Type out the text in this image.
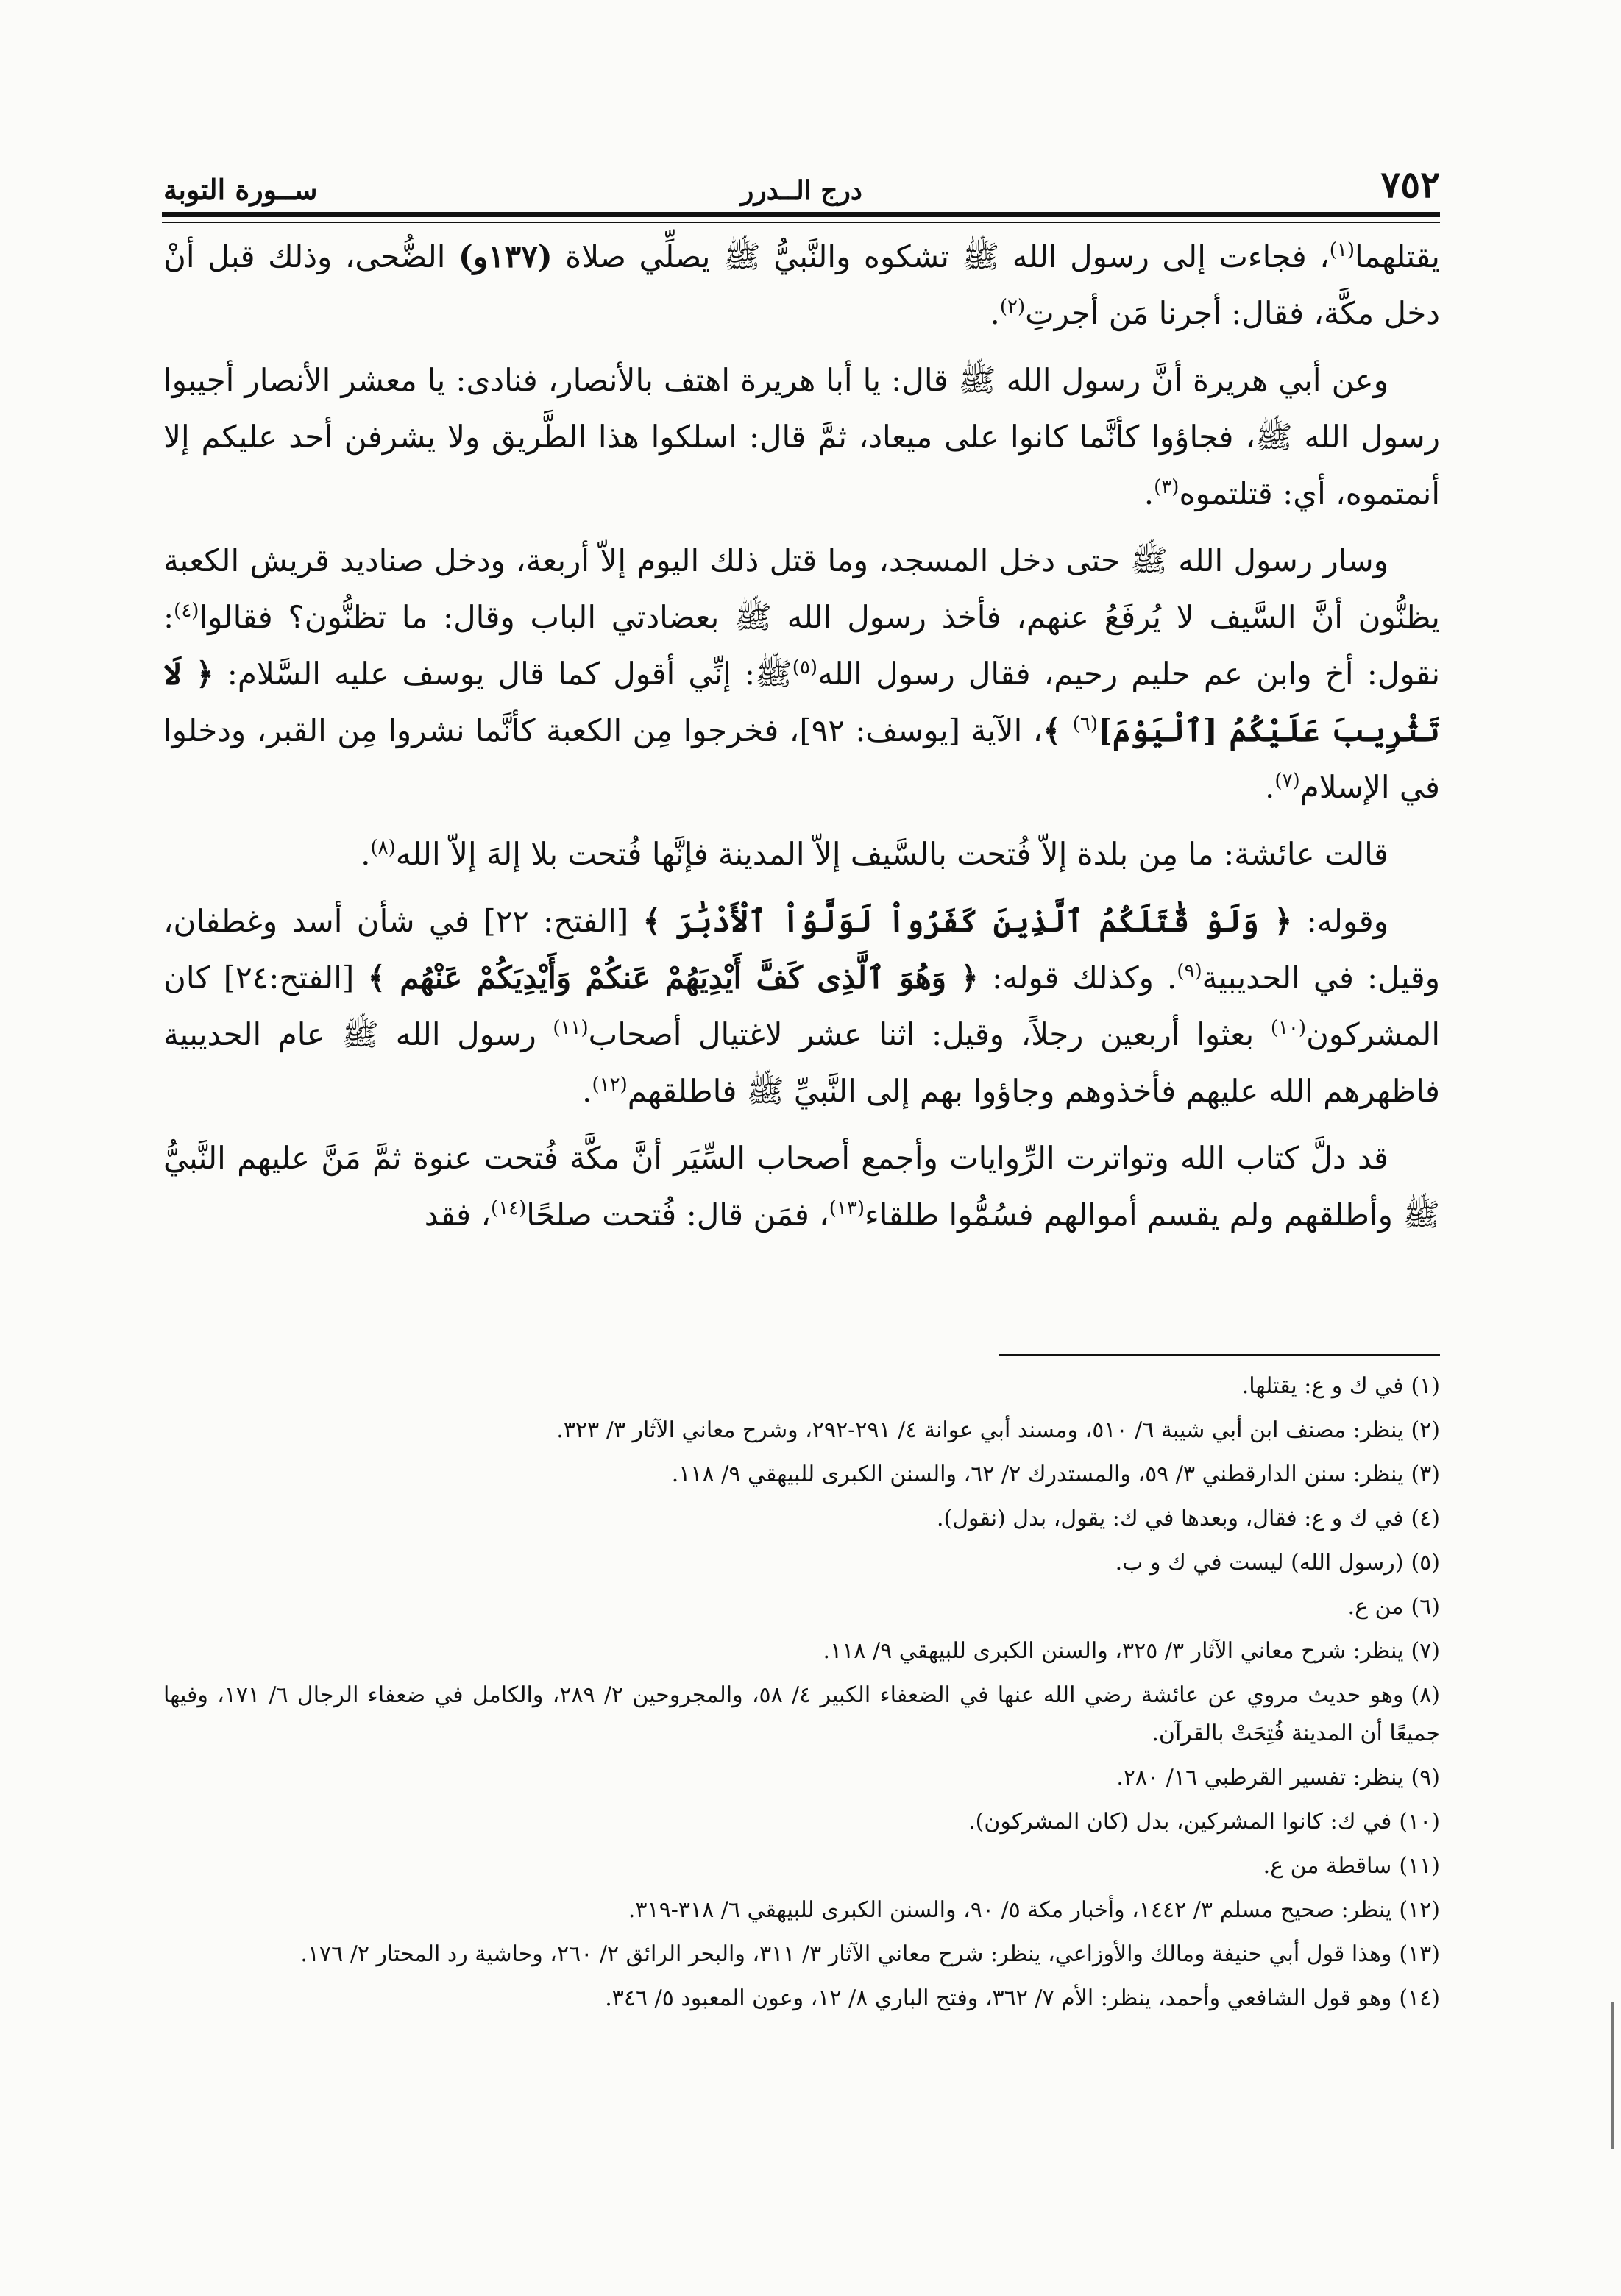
٧٥٢
درج الــدرر
ســورة التوبة

يقتلهما$^{(١)}$، فجاءت إلى رسول الله ﷺ تشكوه والنَّبيُّ ﷺ يصلِّي صلاة (١٣٧و) الضُّحى، وذلك قبل أنْ دخل مكَّة، فقال: أجرنا مَن أجرتِ$^{(٢)}$.

وعن أبي هريرة أنَّ رسول الله ﷺ قال: يا أبا هريرة اهتف بالأنصار، فنادى: يا معشر الأنصار أجيبوا رسول الله ﷺ، فجاؤوا كأنَّما كانوا على ميعاد، ثمَّ قال: اسلكوا هذا الطَّريق ولا يشرفن أحد عليكم إلا أنمتموه، أي: قتلتموه$^{(٣)}$.

وسار رسول الله ﷺ حتى دخل المسجد، وما قتل ذلك اليوم إلاّ أربعة، ودخل صناديد قريش الكعبة يظنُّون أنَّ السَّيف لا يُرفَعُ عنهم، فأخذ رسول الله ﷺ بعضادتي الباب وقال: ما تظنُّون؟ فقالوا$^{(٤)}$: نقول: أخ وابن عم حليم رحيم، فقال رسول الله$^{(٥)}$ﷺ: إنِّي أقول كما قال يوسف عليه السَّلام: ﴿ لَا تَثْرِيبَ عَلَيْكُمُ [ٱلْيَوْمَ]$^{(٦)}$ ﴾، الآية [يوسف: ٩٢]، فخرجوا مِن الكعبة كأنَّما نشروا مِن القبر، ودخلوا في الإسلام$^{(٧)}$.

قالت عائشة: ما مِن بلدة إلاّ فُتحت بالسَّيف إلاّ المدينة فإنَّها فُتحت بلا إلهَ إلاّ الله$^{(٨)}$.

وقوله: ﴿ وَلَوْ قَٰتَلَكُمُ ٱلَّذِينَ كَفَرُواْ لَوَلَّوُاْ ٱلْأَدْبَٰرَ ﴾ [الفتح: ٢٢] في شأن أسد وغطفان، وقيل: في الحديبية$^{(٩)}$. وكذلك قوله: ﴿ وَهُوَ ٱلَّذِى كَفَّ أَيْدِيَهُمْ عَنكُمْ وَأَيْدِيَكُمْ عَنْهُم ﴾ [الفتح:٢٤] كان المشركون$^{(١٠)}$ بعثوا أربعين رجلاً، وقيل: اثنا عشر لاغتيال أصحاب$^{(١١)}$ رسول الله ﷺ عام الحديبية فاظهرهم الله عليهم فأخذوهم وجاؤوا بهم إلى النَّبيِّ ﷺ فاطلقهم$^{(١٢)}$.

قد دلَّ كتاب الله وتواترت الرِّوايات وأجمع أصحاب السِّيَر أنَّ مكَّة فُتحت عنوة ثمَّ مَنَّ عليهم النَّبيُّ ﷺ وأطلقهم ولم يقسم أموالهم فسُمُّوا طلقاء$^{(١٣)}$، فمَن قال: فُتحت صلحًا$^{(١٤)}$، فقد

(١)في ك و ع: يقتلها.

(٢)ينظر: مصنف ابن أبي شيبة ٦/ ٥١٠، ومسند أبي عوانة ٤/ ٢٩١-٢٩٢، وشرح معاني الآثار ٣/ ٣٢٣.

(٣)ينظر: سنن الدارقطني ٣/ ٥٩، والمستدرك ٢/ ٦٢، والسنن الكبرى للبيهقي ٩/ ١١٨.

(٤)في ك و ع: فقال، وبعدها في ك: يقول، بدل (نقول).

(٥)(رسول الله) ليست في ك و ب.

(٦)من ع.

(٧)ينظر: شرح معاني الآثار ٣/ ٣٢٥، والسنن الكبرى للبيهقي ٩/ ١١٨.

(٨)وهو حديث مروي عن عائشة رضي الله عنها في الضعفاء الكبير ٤/ ٥٨، والمجروحين ٢/ ٢٨٩، والكامل في ضعفاء الرجال ٦/ ١٧١، وفيها جميعًا أن المدينة فُتِحَتْ بالقرآن.

(٩)ينظر: تفسير القرطبي ١٦/ ٢٨٠.

(١٠)في ك: كانوا المشركين، بدل (كان المشركون).

(١١)ساقطة من ع.

(١٢)ينظر: صحيح مسلم ٣/ ١٤٤٢، وأخبار مكة ٥/ ٩٠، والسنن الكبرى للبيهقي ٦/ ٣١٨-٣١٩.

(١٣)وهذا قول أبي حنيفة ومالك والأوزاعي، ينظر: شرح معاني الآثار ٣/ ٣١١، والبحر الرائق ٢/ ٢٦٠، وحاشية رد المحتار ٢/ ١٧٦.

(١٤)وهو قول الشافعي وأحمد، ينظر: الأم ٧/ ٣٦٢، وفتح الباري ٨/ ١٢، وعون المعبود ٥/ ٣٤٦.
